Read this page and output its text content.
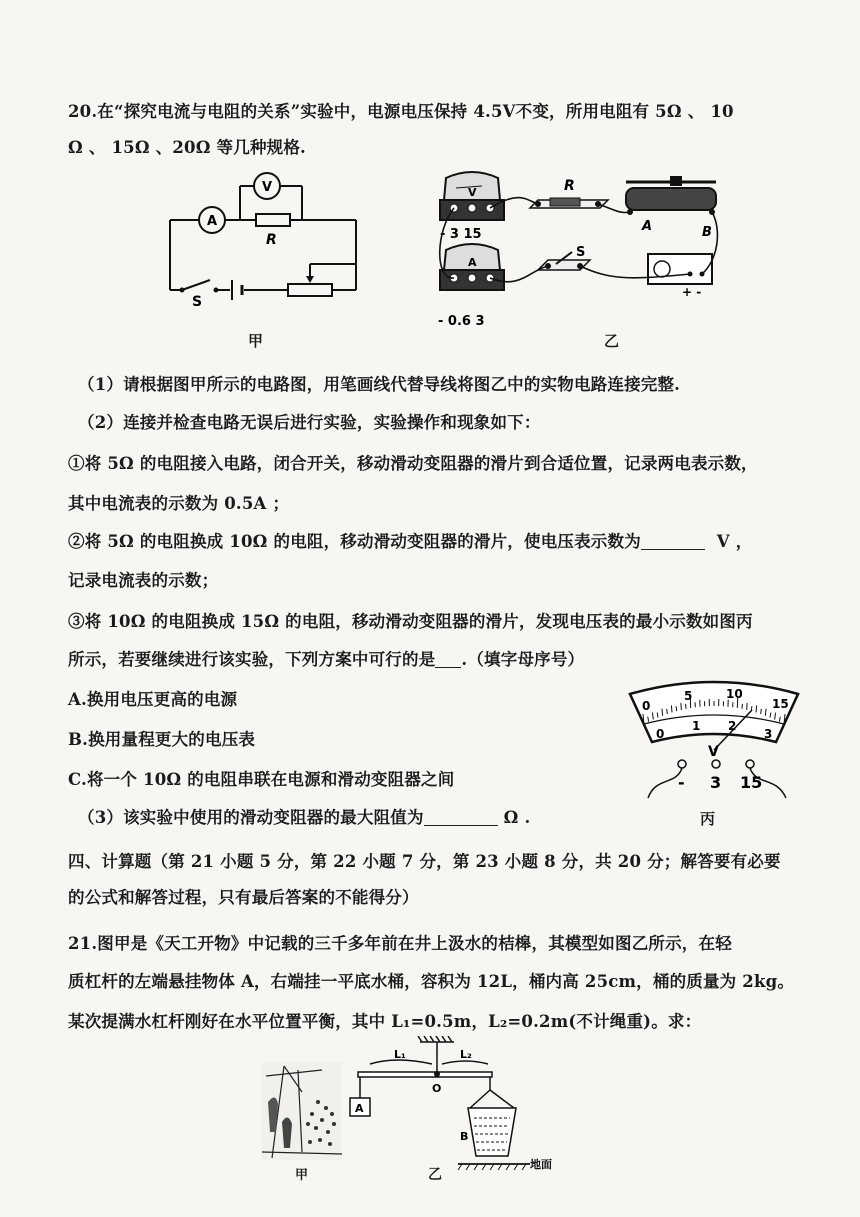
20.在“探究电流与电阻的关系”实验中，电源电压保持 4.5V不变，所用电阻有 5Ω 、 10
Ω 、 15Ω 、20Ω 等几种规格.
A
V
R
S
甲
V
- 3 15
A
- 0.6 3
R
A	B
S
+ -
乙
（1）请根据图甲所示的电路图，用笔画线代替导线将图乙中的实物电路连接完整.
（2）连接并检查电路无误后进行实验，实验操作和现象如下：
①将 5Ω 的电阻接入电路，闭合开关，移动滑动变阻器的滑片到合适位置，记录两电表示数，
其中电流表的示数为 0.5A ；
②将 5Ω 的电阻换成 10Ω 的电阻，移动滑动变阻器的滑片，使电压表示数为	V ，
记录电流表的示数；
③将 10Ω 的电阻换成 15Ω 的电阻，移动滑动变阻器的滑片，发现电压表的最小示数如图丙
所示，若要继续进行该实验，下列方案中可行的是 .（填字母序号）
A.换用电压更高的电源
B.换用量程更大的电压表
C.将一个 10Ω 的电阻串联在电源和滑动变阻器之间
（3）该实验中使用的滑动变阻器的最大阻值为	Ω .
0
5	10
15
0
1 2
3
V
- 3 15
丙
四、计算题（第 21 小题 5 分，第 22 小题 7 分，第 23 小题 8 分，共 20 分；解答要有必要
的公式和解答过程，只有最后答案的不能得分）
21.图甲是《天工开物》中记载的三千多年前在井上汲水的桔槔，其模型如图乙所示，在轻
质杠杆的左端悬挂物体 A，右端挂一平底水桶，容积为 12L，桶内高 25cm，桶的质量为 2kg。
某次提满水杠杆刚好在水平位置平衡，其中 L₁=0.5m，L₂=0.2m(不计绳重)。求：
甲
L₁	L₂
O
A
B
地面
乙
